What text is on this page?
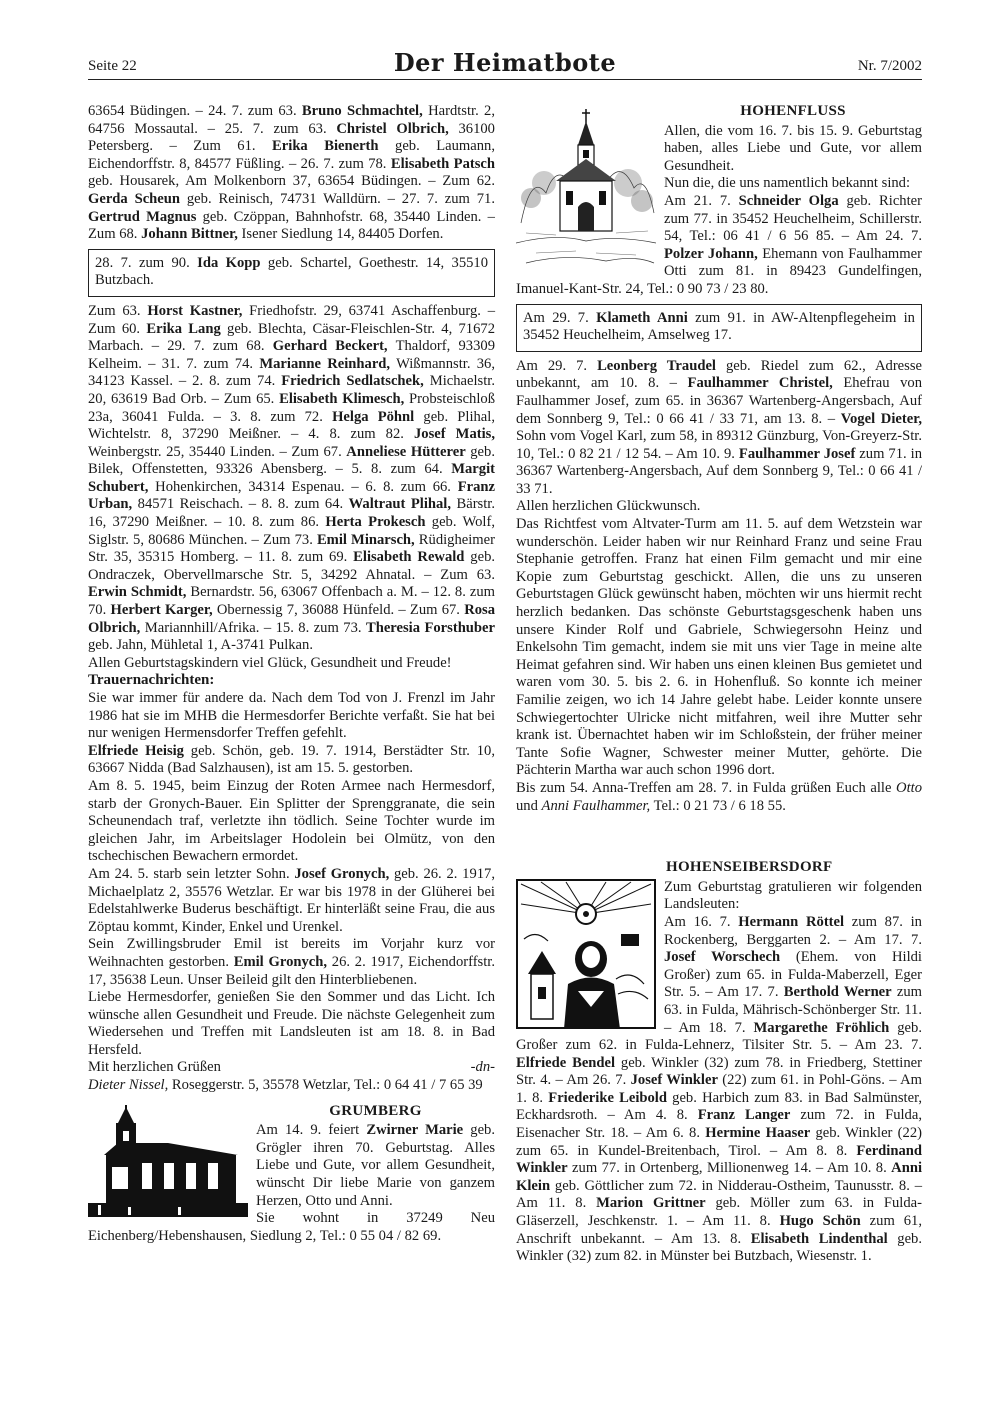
Seite 22	Der Heimatbote	Nr. 7/2002

63654 Büdingen. – 24. 7. zum 63. Bruno Schmachtel, Hardtstr. 2, 64756 Mossautal. – 25. 7. zum 63. Christel Olbrich, 36100 Petersberg. – Zum 61. Erika Bienerth geb. Laumann, Eichendorffstr. 8, 84577 Füßling. – 26. 7. zum 78. Elisabeth Patsch geb. Housarek, Am Molkenborn 37, 63654 Büdingen. – Zum 62. Gerda Scheun geb. Reinisch, 74731 Walldürn. – 27. 7. zum 71. Gertrud Magnus geb. Czöppan, Bahnhofstr. 68, 35440 Linden. – Zum 68. Johann Bittner, Isener Siedlung 14, 84405 Dorfen.

28. 7. zum 90. Ida Kopp geb. Schartel, Goethestr. 14, 35510 Butzbach.

Zum 63. Horst Kastner, Friedhofstr. 29, 63741 Aschaffenburg. – Zum 60. Erika Lang geb. Blechta, Cäsar-Fleischlen-Str. 4, 71672 Marbach. – 29. 7. zum 68. Gerhard Beckert, Thaldorf, 93309 Kelheim. – 31. 7. zum 74. Marianne Reinhard, Wißmannstr. 36, 34123 Kassel. – 2. 8. zum 74. Friedrich Sedlatschek, Michaelstr. 20, 63619 Bad Orb. – Zum 65. Elisabeth Klimesch, Probsteischloß 23a, 36041 Fulda. – 3. 8. zum 72. Helga Pöhnl geb. Plihal, Wichtelstr. 8, 37290 Meißner. – 4. 8. zum 82. Josef Matis, Weinbergstr. 25, 35440 Linden. – Zum 67. Anneliese Hütterer geb. Bilek, Offenstetten, 93326 Abensberg. – 5. 8. zum 64. Margit Schubert, Hohenkirchen, 34314 Espenau. – 6. 8. zum 66. Franz Urban, 84571 Reischach. – 8. 8. zum 64. Waltraut Plihal, Bärstr. 16, 37290 Meißner. – 10. 8. zum 86. Herta Prokesch geb. Wolf, Siglstr. 5, 80686 München. – Zum 73. Emil Minarsch, Rüdigheimer Str. 35, 35315 Homberg. – 11. 8. zum 69. Elisabeth Rewald geb. Ondraczek, Obervellmarsche Str. 5, 34292 Ahnatal. – Zum 63. Erwin Schmidt, Bernardstr. 56, 63067 Offenbach a. M. – 12. 8. zum 70. Herbert Karger, Obernessig 7, 36088 Hünfeld. – Zum 67. Rosa Olbrich, Mariannhill/Afrika. – 15. 8. zum 73. Theresia Forsthuber geb. Jahn, Mühletal 1, A-3741 Pulkan.

Allen Geburtstagskindern viel Glück, Gesundheit und Freude!

Trauernachrichten:

Sie war immer für andere da. Nach dem Tod von J. Frenzl im Jahr 1986 hat sie im MHB die Hermesdorfer Berichte verfaßt. Sie hat bei nur wenigen Hermensdorfer Treffen gefehlt.

Elfriede Heisig geb. Schön, geb. 19. 7. 1914, Berstädter Str. 10, 63667 Nidda (Bad Salzhausen), ist am 15. 5. gestorben.

Am 8. 5. 1945, beim Einzug der Roten Armee nach Hermesdorf, starb der Gronych-Bauer. Ein Splitter der Sprenggranate, die sein Scheunendach traf, verletzte ihn tödlich. Seine Tochter wurde im gleichen Jahr, im Arbeitslager Hodolein bei Olmütz, von den tschechischen Bewachern ermordet.

Am 24. 5. starb sein letzter Sohn. Josef Gronych, geb. 26. 2. 1917, Michaelplatz 2, 35576 Wetzlar. Er war bis 1978 in der Glüherei bei Edelstahlwerke Buderus beschäftigt. Er hinterläßt seine Frau, die aus Zöptau kommt, Kinder, Enkel und Urenkel.

Sein Zwillingsbruder Emil ist bereits im Vorjahr kurz vor Weihnachten gestorben. Emil Gronych, 26. 2. 1917, Eichendorffstr. 17, 35638 Leun. Unser Beileid gilt den Hinterbliebenen.

Liebe Hermesdorfer, genießen Sie den Sommer und das Licht. Ich wünsche allen Gesundheit und Freude. Die nächste Gelegenheit zum Wiedersehen und Treffen mit Landsleuten ist am 18. 8. in Bad Hersfeld.

Mit herzlichen Grüßen	-dn-

Dieter Nissel, Roseggerstr. 5, 35578 Wetzlar, Tel.: 0 64 41 / 7 65 39

GRUMBERG

Am 14. 9. feiert Zwirner Marie geb. Grögler ihren 70. Geburtstag. Alles Liebe und Gute, vor allem Gesundheit, wünscht Dir liebe Marie von ganzem Herzen, Otto und Anni.

Sie wohnt in 37249 Neu Eichenberg/Hebenshausen, Siedlung 2, Tel.: 0 55 04 / 82 69.

HOHENFLUSS

Allen, die vom 16. 7. bis 15. 9. Geburtstag haben, alles Liebe und Gute, vor allem Gesundheit.

Nun die, die uns namentlich bekannt sind:

Am 21. 7. Schneider Olga geb. Richter zum 77. in 35452 Heuchelheim, Schillerstr. 54, Tel.: 06 41 / 6 56 85. – Am 24. 7. Polzer Johann, Ehemann von Faulhammer Otti zum 81. in 89423 Gundelfingen, Imanuel-Kant-Str. 24, Tel.: 0 90 73 / 23 80.

Am 29. 7. Klameth Anni zum 91. in AW-Altenpflegeheim in 35452 Heuchelheim, Amselweg 17.

Am 29. 7. Leonberg Traudel geb. Riedel zum 62., Adresse unbekannt, am 10. 8. – Faulhammer Christel, Ehefrau von Faulhammer Josef, zum 65. in 36367 Wartenberg-Angersbach, Auf dem Sonnberg 9, Tel.: 0 66 41 / 33 71, am 13. 8. – Vogel Dieter, Sohn vom Vogel Karl, zum 58, in 89312 Günzburg, Von-Greyerz-Str. 10, Tel.: 0 82 21 / 12 54. – Am 10. 9. Faulhammer Josef zum 71. in 36367 Wartenberg-Angersbach, Auf dem Sonnberg 9, Tel.: 0 66 41 / 33 71.

Allen herzlichen Glückwunsch.

Das Richtfest vom Altvater-Turm am 11. 5. auf dem Wetzstein war wunderschön. Leider haben wir nur Reinhard Franz und seine Frau Stephanie getroffen. Franz hat einen Film gemacht und mir eine Kopie zum Geburtstag geschickt. Allen, die uns zu unseren Geburtstagen Glück gewünscht haben, möchten wir uns hiermit recht herzlich bedanken. Das schönste Geburtstagsgeschenk haben uns unsere Kinder Rolf und Gabriele, Schwiegersohn Heinz und Enkelsohn Tim gemacht, indem sie mit uns vier Tage in meine alte Heimat gefahren sind. Wir haben uns einen kleinen Bus gemietet und waren vom 30. 5. bis 2. 6. in Hohenfluß. So konnte ich meiner Familie zeigen, wo ich 14 Jahre gelebt habe. Leider konnte unsere Schwiegertochter Ulricke nicht mitfahren, weil ihre Mutter sehr krank ist. Übernachtet haben wir im Schloßstein, der früher meiner Tante Sofie Wagner, Schwester meiner Mutter, gehörte. Die Pächterin Martha war auch schon 1996 dort.

Bis zum 54. Anna-Treffen am 28. 7. in Fulda grüßen Euch alle Otto und Anni Faulhammer, Tel.: 0 21 73 / 6 18 55.

HOHENSEIBERSDORF

Zum Geburtstag gratulieren wir folgenden Landsleuten:

Am 16. 7. Hermann Röttel zum 87. in Rockenberg, Berggarten 2. – Am 17. 7. Josef Worschech (Ehem. von Hildi Großer) zum 65. in Fulda-Maberzell, Eger Str. 5. – Am 17. 7. Berthold Werner zum 63. in Fulda, Mährisch-Schönberger Str. 11. – Am 18. 7. Margarethe Fröhlich geb. Großer zum 62. in Fulda-Lehnerz, Tilsiter Str. 5. – Am 23. 7. Elfriede Bendel geb. Winkler (32) zum 78. in Friedberg, Stettiner Str. 4. – Am 26. 7. Josef Winkler (22) zum 61. in Pohl-Göns. – Am 1. 8. Friederike Leibold geb. Harbich zum 83. in Bad Salmünster, Eckhardsroth. – Am 4. 8. Franz Langer zum 72. in Fulda, Eisenacher Str. 18. – Am 6. 8. Hermine Haaser geb. Winkler (22) zum 65. in Kundel-Breitenbach, Tirol. – Am 8. 8. Ferdinand Winkler zum 77. in Ortenberg, Millionenweg 14. – Am 10. 8. Anni Klein geb. Göttlicher zum 72. in Nidderau-Ostheim, Taunusstr. 8. – Am 11. 8. Marion Grittner geb. Möller zum 63. in Fulda-Gläserzell, Jeschkenstr. 1. – Am 11. 8. Hugo Schön zum 61, Anschrift unbekannt. – Am 13. 8. Elisabeth Lindenthal geb. Winkler (32) zum 82. in Münster bei Butzbach, Wiesenstr. 1.
